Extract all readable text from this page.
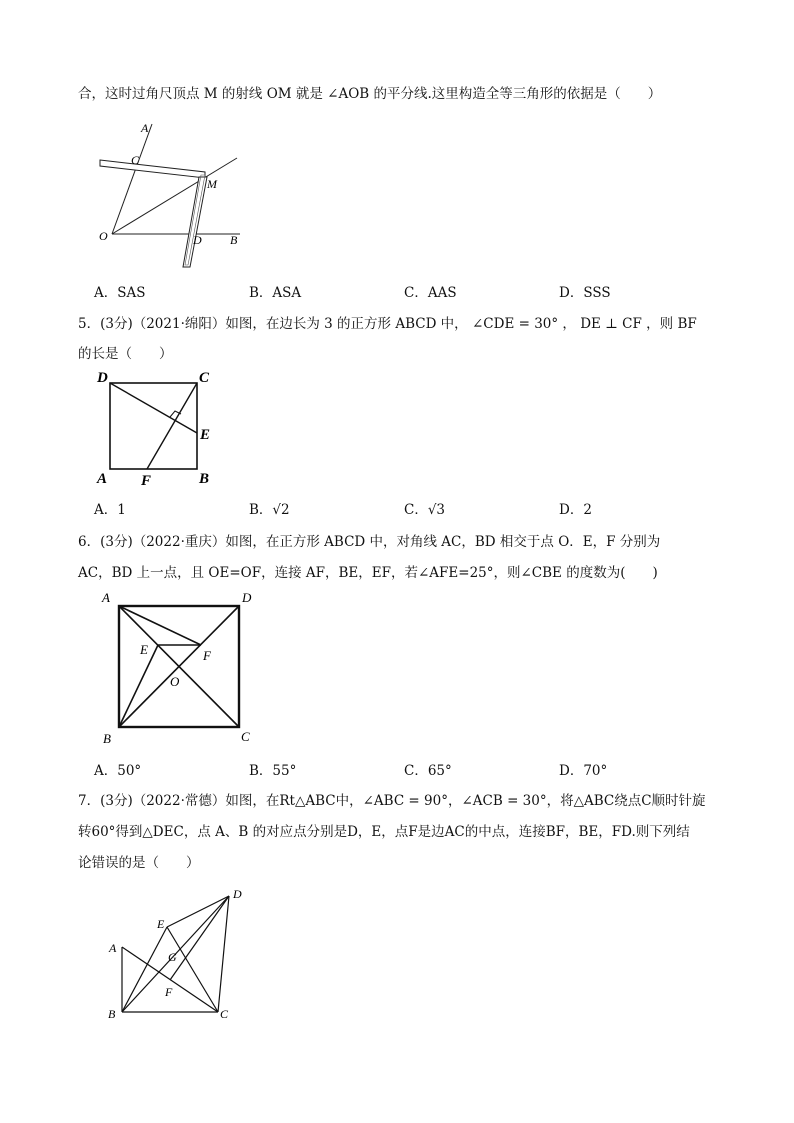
合，这时过角尺顶点 M 的射线 OM 就是 ∠AOB 的平分线.这里构造全等三角形的依据是（　　）
A
C
M
O	D B
A．SAS	B．ASA	C．AAS	D．SSS
5．(3分)（2021·绵阳）如图，在边长为 3 的正方形 ABCD 中， ∠CDE = 30° ， DE ⊥ CF ，则 BF
的长是（　　）
D	C
E
A F	B
A．1	B．√2	C．√3	D．2
6．(3分)（2022·重庆）如图，在正方形 ABCD 中，对角线 AC，BD 相交于点 O．E，F 分别为
AC，BD 上一点，且 OE=OF，连接 AF，BE，EF，若∠AFE=25°，则∠CBE 的度数为(　　)
A	D
E	F
O
B	C
A．50°	B．55°	C．65°	D．70°
7．(3分)（2022·常德）如图，在Rt△ABC中，∠ABC = 90°，∠ACB = 30°，将△ABC绕点C顺时针旋
转60°得到△DEC，点 A、B 的对应点分别是D，E，点F是边AC的中点，连接BF，BE，FD.则下列结
论错误的是（　　）
D
E
A
G
F
B	C
